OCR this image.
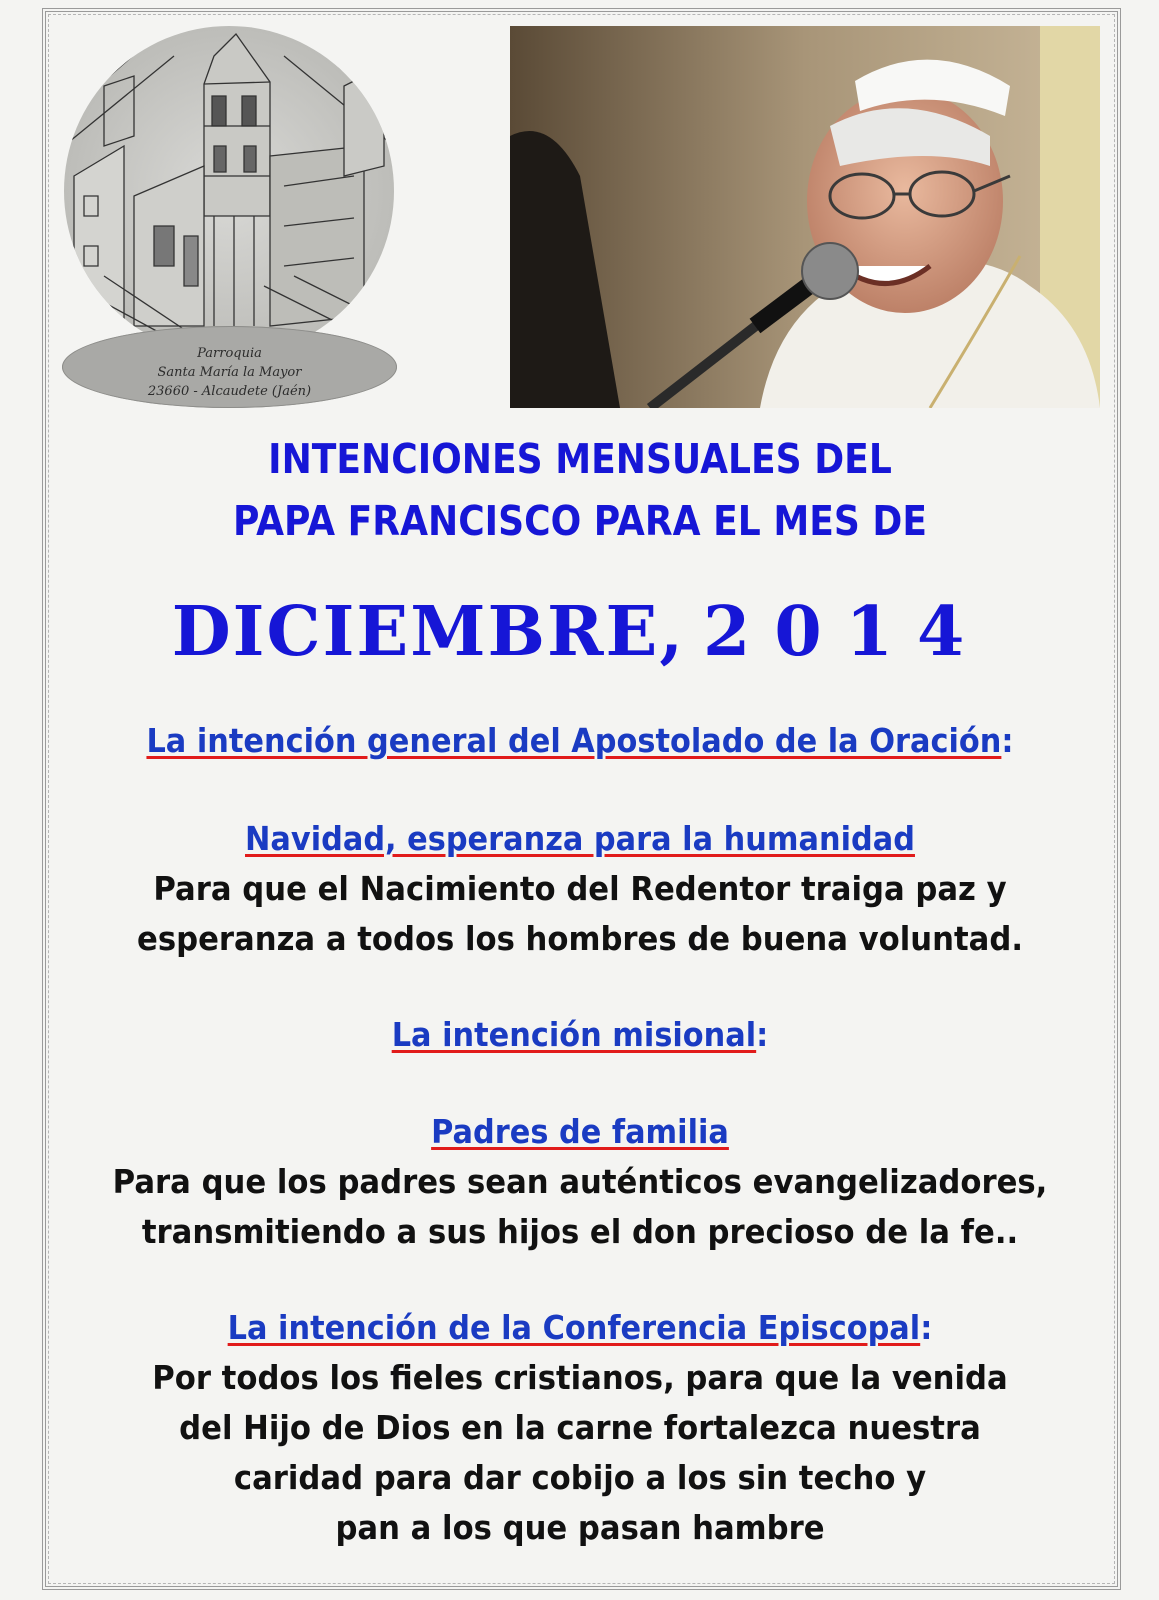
Parroquia
Santa María la Mayor
23660 - Alcaudete (Jaén)
INTENCIONES MENSUALES DEL
PAPA FRANCISCO PARA EL MES DE
DICIEMBRE, 2014
La intención general del Apostolado de la Oración:
Navidad, esperanza para la humanidad
Para que el Nacimiento del Redentor traiga paz y
esperanza a todos los hombres de buena voluntad.
La intención misional:
Padres de familia
Para que los padres sean auténticos evangelizadores,
transmitiendo a sus hijos el don precioso de la fe..
La intención de la Conferencia Episcopal:
Por todos los fieles cristianos, para que la venida
del Hijo de Dios en la carne fortalezca nuestra
caridad para dar cobijo a los sin techo y
pan a los que pasan hambre
